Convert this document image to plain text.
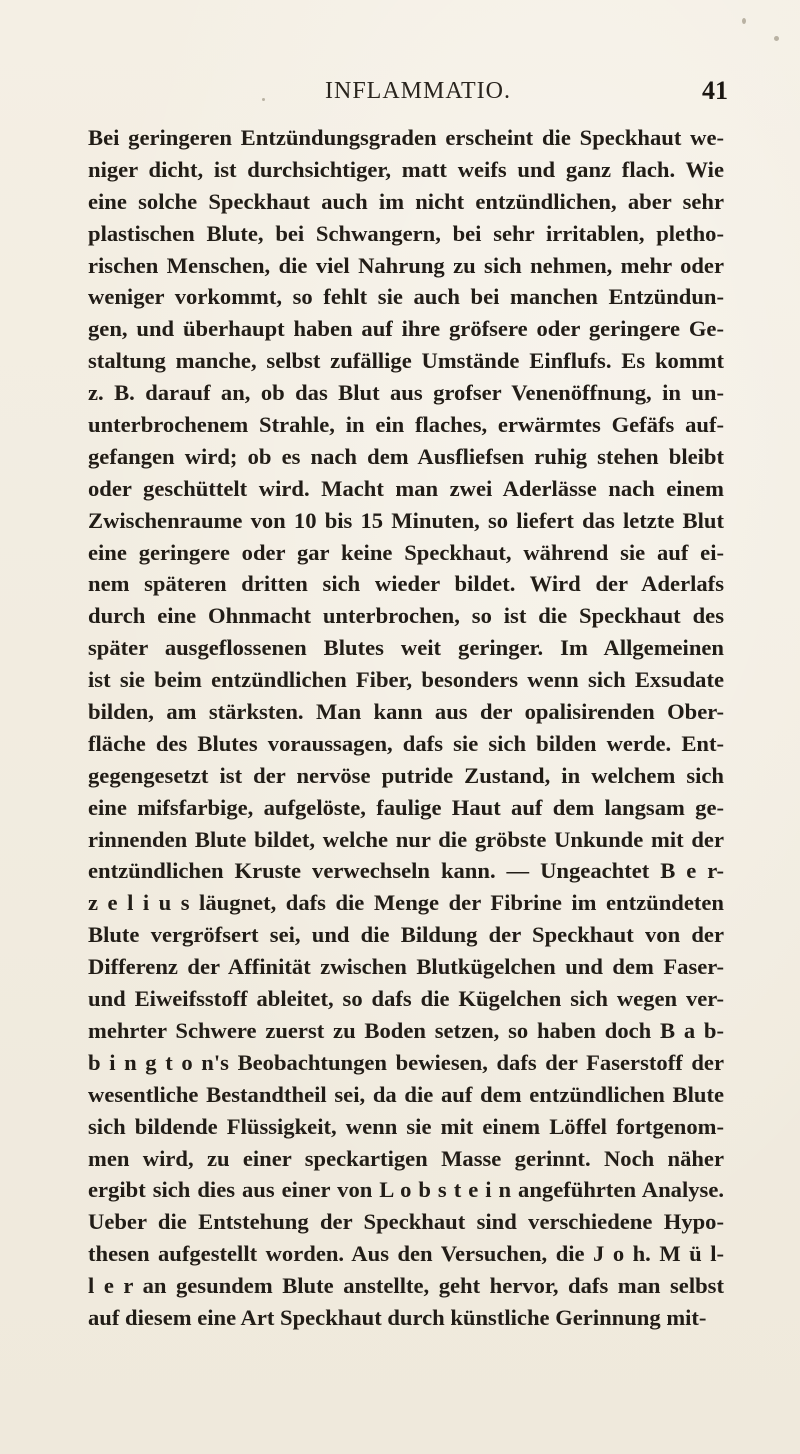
INFLAMMATIO.	41
Bei geringeren Entzündungsgraden erscheint die Speckhaut we-
niger dicht, ist durchsichtiger, matt weifs und ganz flach. Wie
eine solche Speckhaut auch im nicht entzündlichen, aber sehr
plastischen Blute, bei Schwangern, bei sehr irritablen, pletho-
rischen Menschen, die viel Nahrung zu sich nehmen, mehr oder
weniger vorkommt, so fehlt sie auch bei manchen Entzündun-
gen, und überhaupt haben auf ihre gröfsere oder geringere Ge-
staltung manche, selbst zufällige Umstände Einflufs. Es kommt
z. B. darauf an, ob das Blut aus grofser Venenöffnung, in un-
unterbrochenem Strahle, in ein flaches, erwärmtes Gefäfs auf-
gefangen wird; ob es nach dem Ausfliefsen ruhig stehen bleibt
oder geschüttelt wird. Macht man zwei Aderlässe nach einem
Zwischenraume von 10 bis 15 Minuten, so liefert das letzte Blut
eine geringere oder gar keine Speckhaut, während sie auf ei-
nem späteren dritten sich wieder bildet. Wird der Aderlafs
durch eine Ohnmacht unterbrochen, so ist die Speckhaut des
später ausgeflossenen Blutes weit geringer. Im Allgemeinen
ist sie beim entzündlichen Fiber, besonders wenn sich Exsudate
bilden, am stärksten. Man kann aus der opalisirenden Ober-
fläche des Blutes voraussagen, dafs sie sich bilden werde. Ent-
gegengesetzt ist der nervöse putride Zustand, in welchem sich
eine mifsfarbige, aufgelöste, faulige Haut auf dem langsam ge-
rinnenden Blute bildet, welche nur die gröbste Unkunde mit der
entzündlichen Kruste verwechseln kann. — Ungeachtet B e r-
z e l i u s läugnet, dafs die Menge der Fibrine im entzündeten
Blute vergröfsert sei, und die Bildung der Speckhaut von der
Differenz der Affinität zwischen Blutkügelchen und dem Faser-
und Eiweifsstoff ableitet, so dafs die Kügelchen sich wegen ver-
mehrter Schwere zuerst zu Boden setzen, so haben doch B a b-
b i n g t o n's Beobachtungen bewiesen, dafs der Faserstoff der
wesentliche Bestandtheil sei, da die auf dem entzündlichen Blute
sich bildende Flüssigkeit, wenn sie mit einem Löffel fortgenom-
men wird, zu einer speckartigen Masse gerinnt. Noch näher
ergibt sich dies aus einer von L o b s t e i n angeführten Analyse.
Ueber die Entstehung der Speckhaut sind verschiedene Hypo-
thesen aufgestellt worden. Aus den Versuchen, die J o h. M ü l-
l e r an gesundem Blute anstellte, geht hervor, dafs man selbst
auf diesem eine Art Speckhaut durch künstliche Gerinnung mit-
